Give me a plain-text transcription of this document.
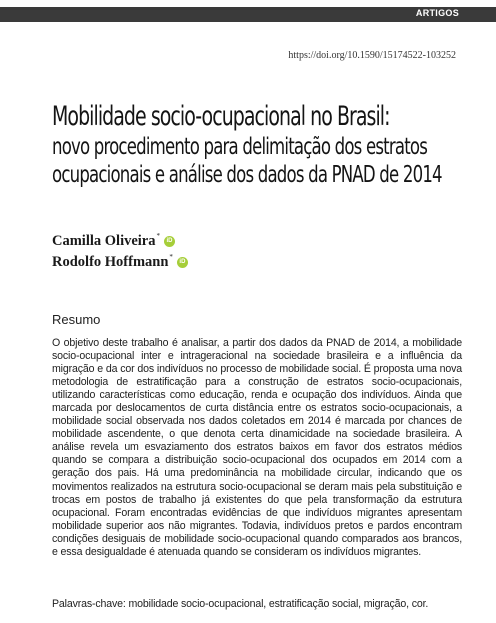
ARTIGOS
https://doi.org/10.1590/15174522-103252
Mobilidade socio-ocupacional no Brasil:
novo procedimento para delimitação dos estratos
ocupacionais e análise dos dados da PNAD de 2014
Camilla Oliveira*
iD
Rodolfo Hoffmann*
iD
Resumo
O objetivo deste trabalho é analisar, a partir dos dados da PNAD de 2014, a mobilidade socio-ocupacional inter e intrageracional na sociedade brasileira e a influência da migração e da cor dos indivíduos no processo de mobilidade social. É proposta uma nova metodologia de estratificação para a construção de estratos socio-ocupacionais, utilizando características como educação, renda e ocupação dos indivíduos. Ainda que marcada por deslocamentos de curta distância entre os estratos socio-ocupacionais, a mobilidade social observada nos dados coletados em 2014 é marcada por chances de mobilidade ascendente, o que denota certa dinamicidade na sociedade brasileira. A análise revela um esvaziamento dos estratos baixos em favor dos estratos médios quando se compara a distribuição socio-ocupacional dos ocupados em 2014 com a geração dos pais. Há uma predominância na mobilidade circular, indicando que os movimentos realizados na estrutura socio-ocupacional se deram mais pela substituição e trocas em postos de trabalho já existentes do que pela transformação da estrutura ocupacional. Foram encontradas evidências de que indivíduos migrantes apresentam mobilidade superior aos não migrantes. Todavia, indivíduos pretos e pardos encontram condições desiguais de mobilidade socio-ocupacional quando comparados aos brancos, e essa desigualdade é atenuada quando se consideram os indivíduos migrantes.
Palavras-chave: mobilidade socio-ocupacional, estratificação social, migração, cor.
